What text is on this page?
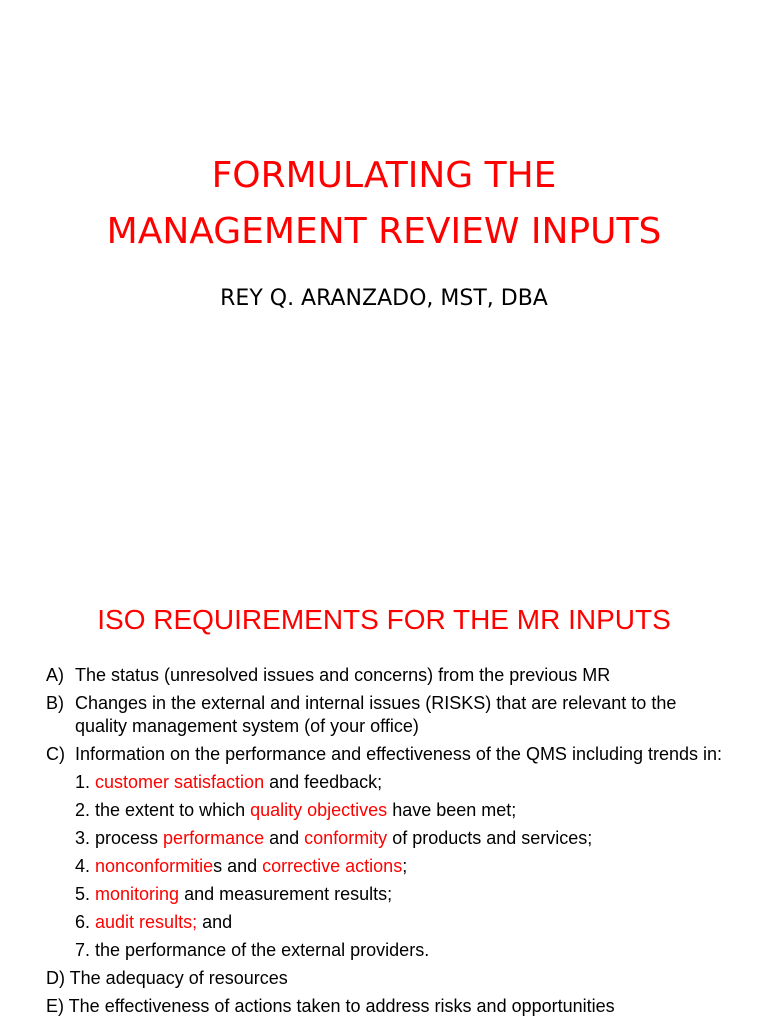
FORMULATING THE
MANAGEMENT REVIEW INPUTS
REY Q. ARANZADO, MST, DBA
ISO REQUIREMENTS FOR THE MR INPUTS
A) The status (unresolved issues and concerns) from the previous MR
B) Changes in the external and internal issues (RISKS) that are relevant to the quality management system (of your office)
C) Information on the performance and effectiveness of the QMS including trends in:
1. customer satisfaction and feedback;
2. the extent to which quality objectives have been met;
3. process performance and conformity of products and services;
4. nonconformities and corrective actions;
5. monitoring and measurement results;
6. audit results; and
7. the performance of the external providers.
D) The adequacy of resources
E) The effectiveness of actions taken to address risks and opportunities
